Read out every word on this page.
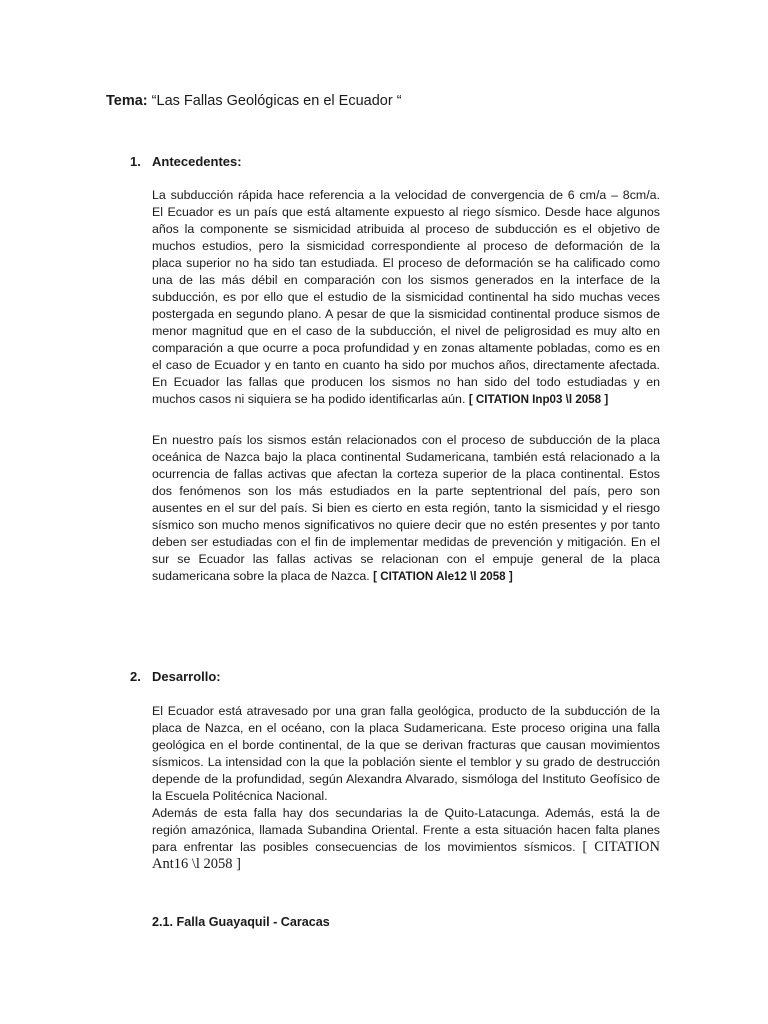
Tema: “Las Fallas Geológicas en el Ecuador “
1. Antecedentes:
La subducción rápida hace referencia a la velocidad de convergencia de 6 cm/a – 8cm/a.
El Ecuador es un país que está altamente expuesto al riego sísmico. Desde hace algunos
años la componente se sismicidad atribuida al proceso de subducción es el objetivo de
muchos estudios, pero la sismicidad correspondiente al proceso de deformación de la
placa superior no ha sido tan estudiada. El proceso de deformación se ha calificado como
una de las más débil en comparación con los sismos generados en la interface de la
subducción, es por ello que el estudio de la sismicidad continental ha sido muchas veces
postergada en segundo plano. A pesar de que la sismicidad continental produce sismos de
menor magnitud que en el caso de la subducción, el nivel de peligrosidad es muy alto en
comparación a que ocurre a poca profundidad y en zonas altamente pobladas, como es en
el caso de Ecuador y en tanto en cuanto ha sido por muchos años, directamente afectada.
En Ecuador las fallas que producen los sismos no han sido del todo estudiadas y en
muchos casos ni siquiera se ha podido identificarlas aún. [ CITATION Inp03 \l 2058 ]
En nuestro país los sismos están relacionados con el proceso de subducción de la placa
oceánica de Nazca bajo la placa continental Sudamericana, también está relacionado a la
ocurrencia de fallas activas que afectan la corteza superior de la placa continental. Estos
dos fenómenos son los más estudiados en la parte septentrional del país, pero son
ausentes en el sur del país. Si bien es cierto en esta región, tanto la sismicidad y el riesgo
sísmico son mucho menos significativos no quiere decir que no estén presentes y por tanto
deben ser estudiadas con el fin de implementar medidas de prevención y mitigación. En el
sur se Ecuador las fallas activas se relacionan con el empuje general de la placa
sudamericana sobre la placa de Nazca. [ CITATION Ale12 \l 2058 ]
2. Desarrollo:
El Ecuador está atravesado por una gran falla geológica, producto de la subducción de la
placa de Nazca, en el océano, con la placa Sudamericana. Este proceso origina una falla
geológica en el borde continental, de la que se derivan fracturas que causan movimientos
sísmicos. La intensidad con la que la población siente el temblor y su grado de destrucción
depende de la profundidad, según Alexandra Alvarado, sismóloga del Instituto Geofísico de
la Escuela Politécnica Nacional.
Además de esta falla hay dos secundarias la de Quito-Latacunga. Además, está la de
región amazónica, llamada Subandina Oriental. Frente a esta situación hacen falta planes
para enfrentar las posibles consecuencias de los movimientos sísmicos. [ CITATION
Ant16 \l 2058 ]
2.1. Falla Guayaquil - Caracas
